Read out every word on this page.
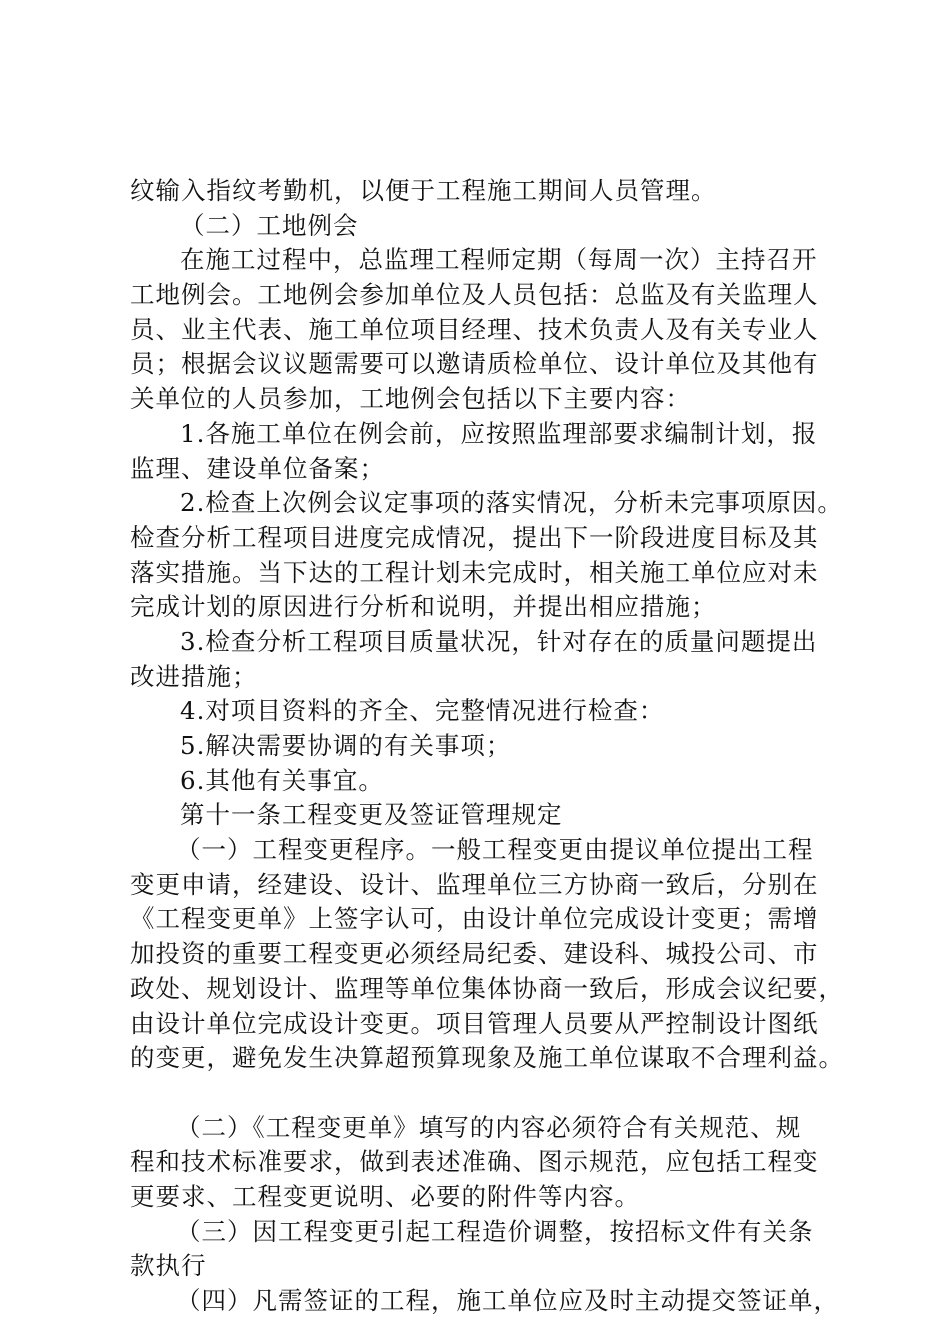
纹输入指纹考勤机，以便于工程施工期间人员管理。
（二）工地例会
在施工过程中，总监理工程师定期（每周一次）主持召开
工地例会。工地例会参加单位及人员包括：总监及有关监理人
员、业主代表、施工单位项目经理、技术负责人及有关专业人
员；根据会议议题需要可以邀请质检单位、设计单位及其他有
关单位的人员参加，工地例会包括以下主要内容：
1.各施工单位在例会前，应按照监理部要求编制计划，报
监理、建设单位备案；
2.检查上次例会议定事项的落实情况，分析未完事项原因。
检查分析工程项目进度完成情况，提出下一阶段进度目标及其
落实措施。当下达的工程计划未完成时，相关施工单位应对未
完成计划的原因进行分析和说明，并提出相应措施；
3.检查分析工程项目质量状况，针对存在的质量问题提出
改进措施；
4.对项目资料的齐全、完整情况进行检查：
5.解决需要协调的有关事项；
6.其他有关事宜。
第十一条工程变更及签证管理规定
（一）工程变更程序。一般工程变更由提议单位提出工程
变更申请，经建设、设计、监理单位三方协商一致后，分别在
《工程变更单》上签字认可，由设计单位完成设计变更；需增
加投资的重要工程变更必须经局纪委、建设科、城投公司、市
政处、规划设计、监理等单位集体协商一致后，形成会议纪要，
由设计单位完成设计变更。项目管理人员要从严控制设计图纸
的变更，避免发生决算超预算现象及施工单位谋取不合理利益。
（二）《工程变更单》填写的内容必须符合有关规范、规
程和技术标准要求，做到表述准确、图示规范，应包括工程变
更要求、工程变更说明、必要的附件等内容。
（三）因工程变更引起工程造价调整，按招标文件有关条
款执行
（四）凡需签证的工程，施工单位应及时主动提交签证单，
